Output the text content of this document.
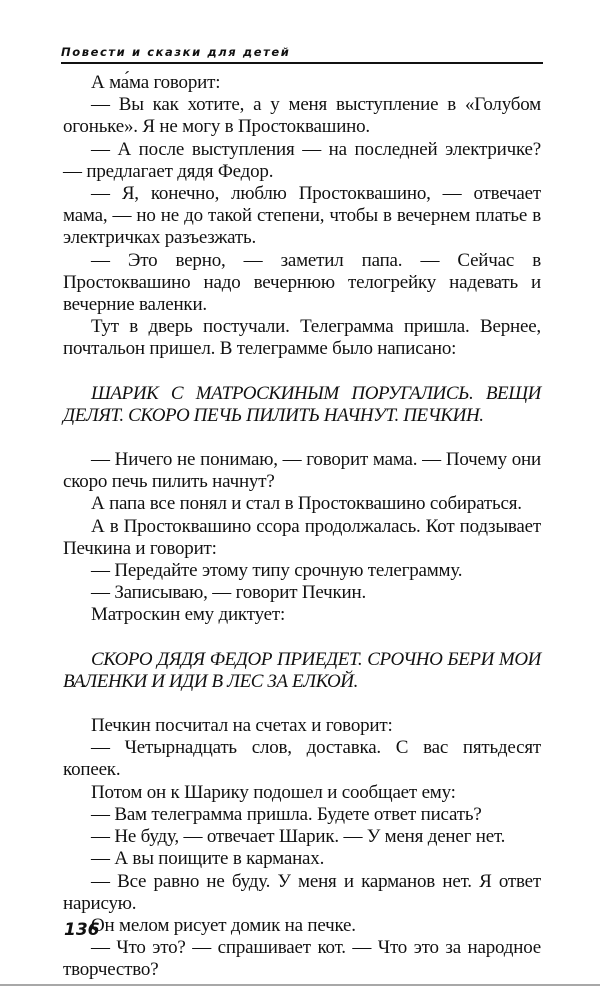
Повести и сказки для детей

А ма́ма говорит:

— Вы как хотите, а у меня выступление в «Голубом огоньке». Я не могу в Простоквашино.

— А после выступления — на последней электричке? — предлагает дядя Федор.

— Я, конечно, люблю Простоквашино, — отвечает мама, — но не до такой степени, чтобы в вечернем платье в электричках разъезжать.

— Это верно, — заметил папа. — Сейчас в Простоквашино надо вечернюю телогрейку надевать и вечерние валенки.

Тут в дверь постучали. Телеграмма пришла. Вернее, почтальон пришел. В телеграмме было написано:

ШАРИК С МАТРОСКИНЫМ ПОРУГАЛИСЬ. ВЕЩИ ДЕЛЯТ. СКОРО ПЕЧЬ ПИЛИТЬ НАЧНУТ. ПЕЧКИН.

— Ничего не понимаю, — говорит мама. — Почему они скоро печь пилить начнут?

А папа все понял и стал в Простоквашино собираться.

А в Простоквашино ссора продолжалась. Кот подзывает Печкина и говорит:

— Передайте этому типу срочную телеграмму.

— Записываю, — говорит Печкин.

Матроскин ему диктует:

СКОРО ДЯДЯ ФЕДОР ПРИЕДЕТ. СРОЧНО БЕРИ МОИ ВАЛЕНКИ И ИДИ В ЛЕС ЗА ЕЛКОЙ.

Печкин посчитал на счетах и говорит:

— Четырнадцать слов, доставка. С вас пятьдесят копеек.

Потом он к Шарику подошел и сообщает ему:

— Вам телеграмма пришла. Будете ответ писать?

— Не буду, — отвечает Шарик. — У меня денег нет.

— А вы поищите в карманах.

— Все равно не буду. У меня и карманов нет. Я ответ нарисую.

Он мелом рисует домик на печке.

— Что это? — спрашивает кот. — Что это за народное творчество?

136
